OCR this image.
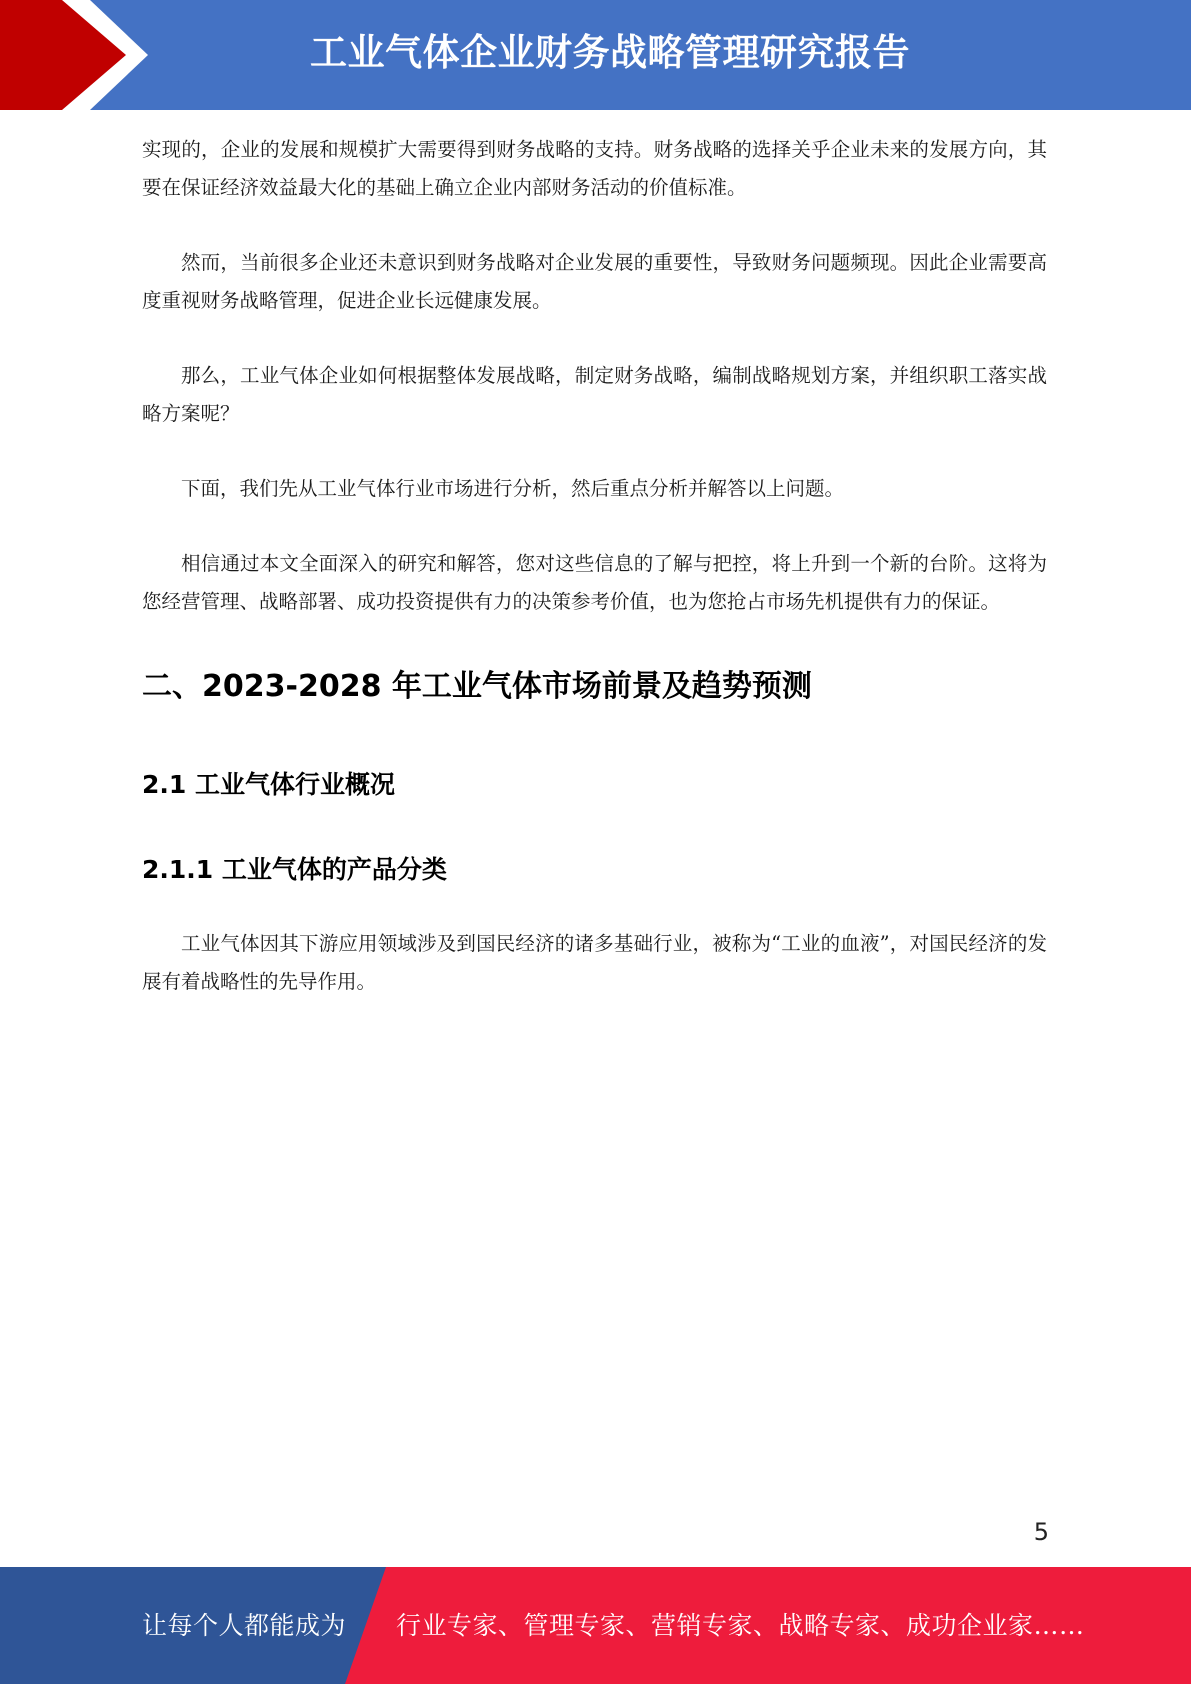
工业气体企业财务战略管理研究报告

实现的，企业的发展和规模扩大需要得到财务战略的支持。财务战略的选择关乎企业未来的发展方向，其要在保证经济效益最大化的基础上确立企业内部财务活动的价值标准。

然而，当前很多企业还未意识到财务战略对企业发展的重要性，导致财务问题频现。因此企业需要高度重视财务战略管理，促进企业长远健康发展。

那么，工业气体企业如何根据整体发展战略，制定财务战略，编制战略规划方案，并组织职工落实战略方案呢？

下面，我们先从工业气体行业市场进行分析，然后重点分析并解答以上问题。

相信通过本文全面深入的研究和解答，您对这些信息的了解与把控，将上升到一个新的台阶。这将为您经营管理、战略部署、成功投资提供有力的决策参考价值，也为您抢占市场先机提供有力的保证。

二、2023-2028 年工业气体市场前景及趋势预测
2.1 工业气体行业概况
2.1.1 工业气体的产品分类

工业气体因其下游应用领域涉及到国民经济的诸多基础行业，被称为“工业的血液”，对国民经济的发展有着战略性的先导作用。

5
让每个人都能成为 行业专家、管理专家、营销专家、战略专家、成功企业家……
